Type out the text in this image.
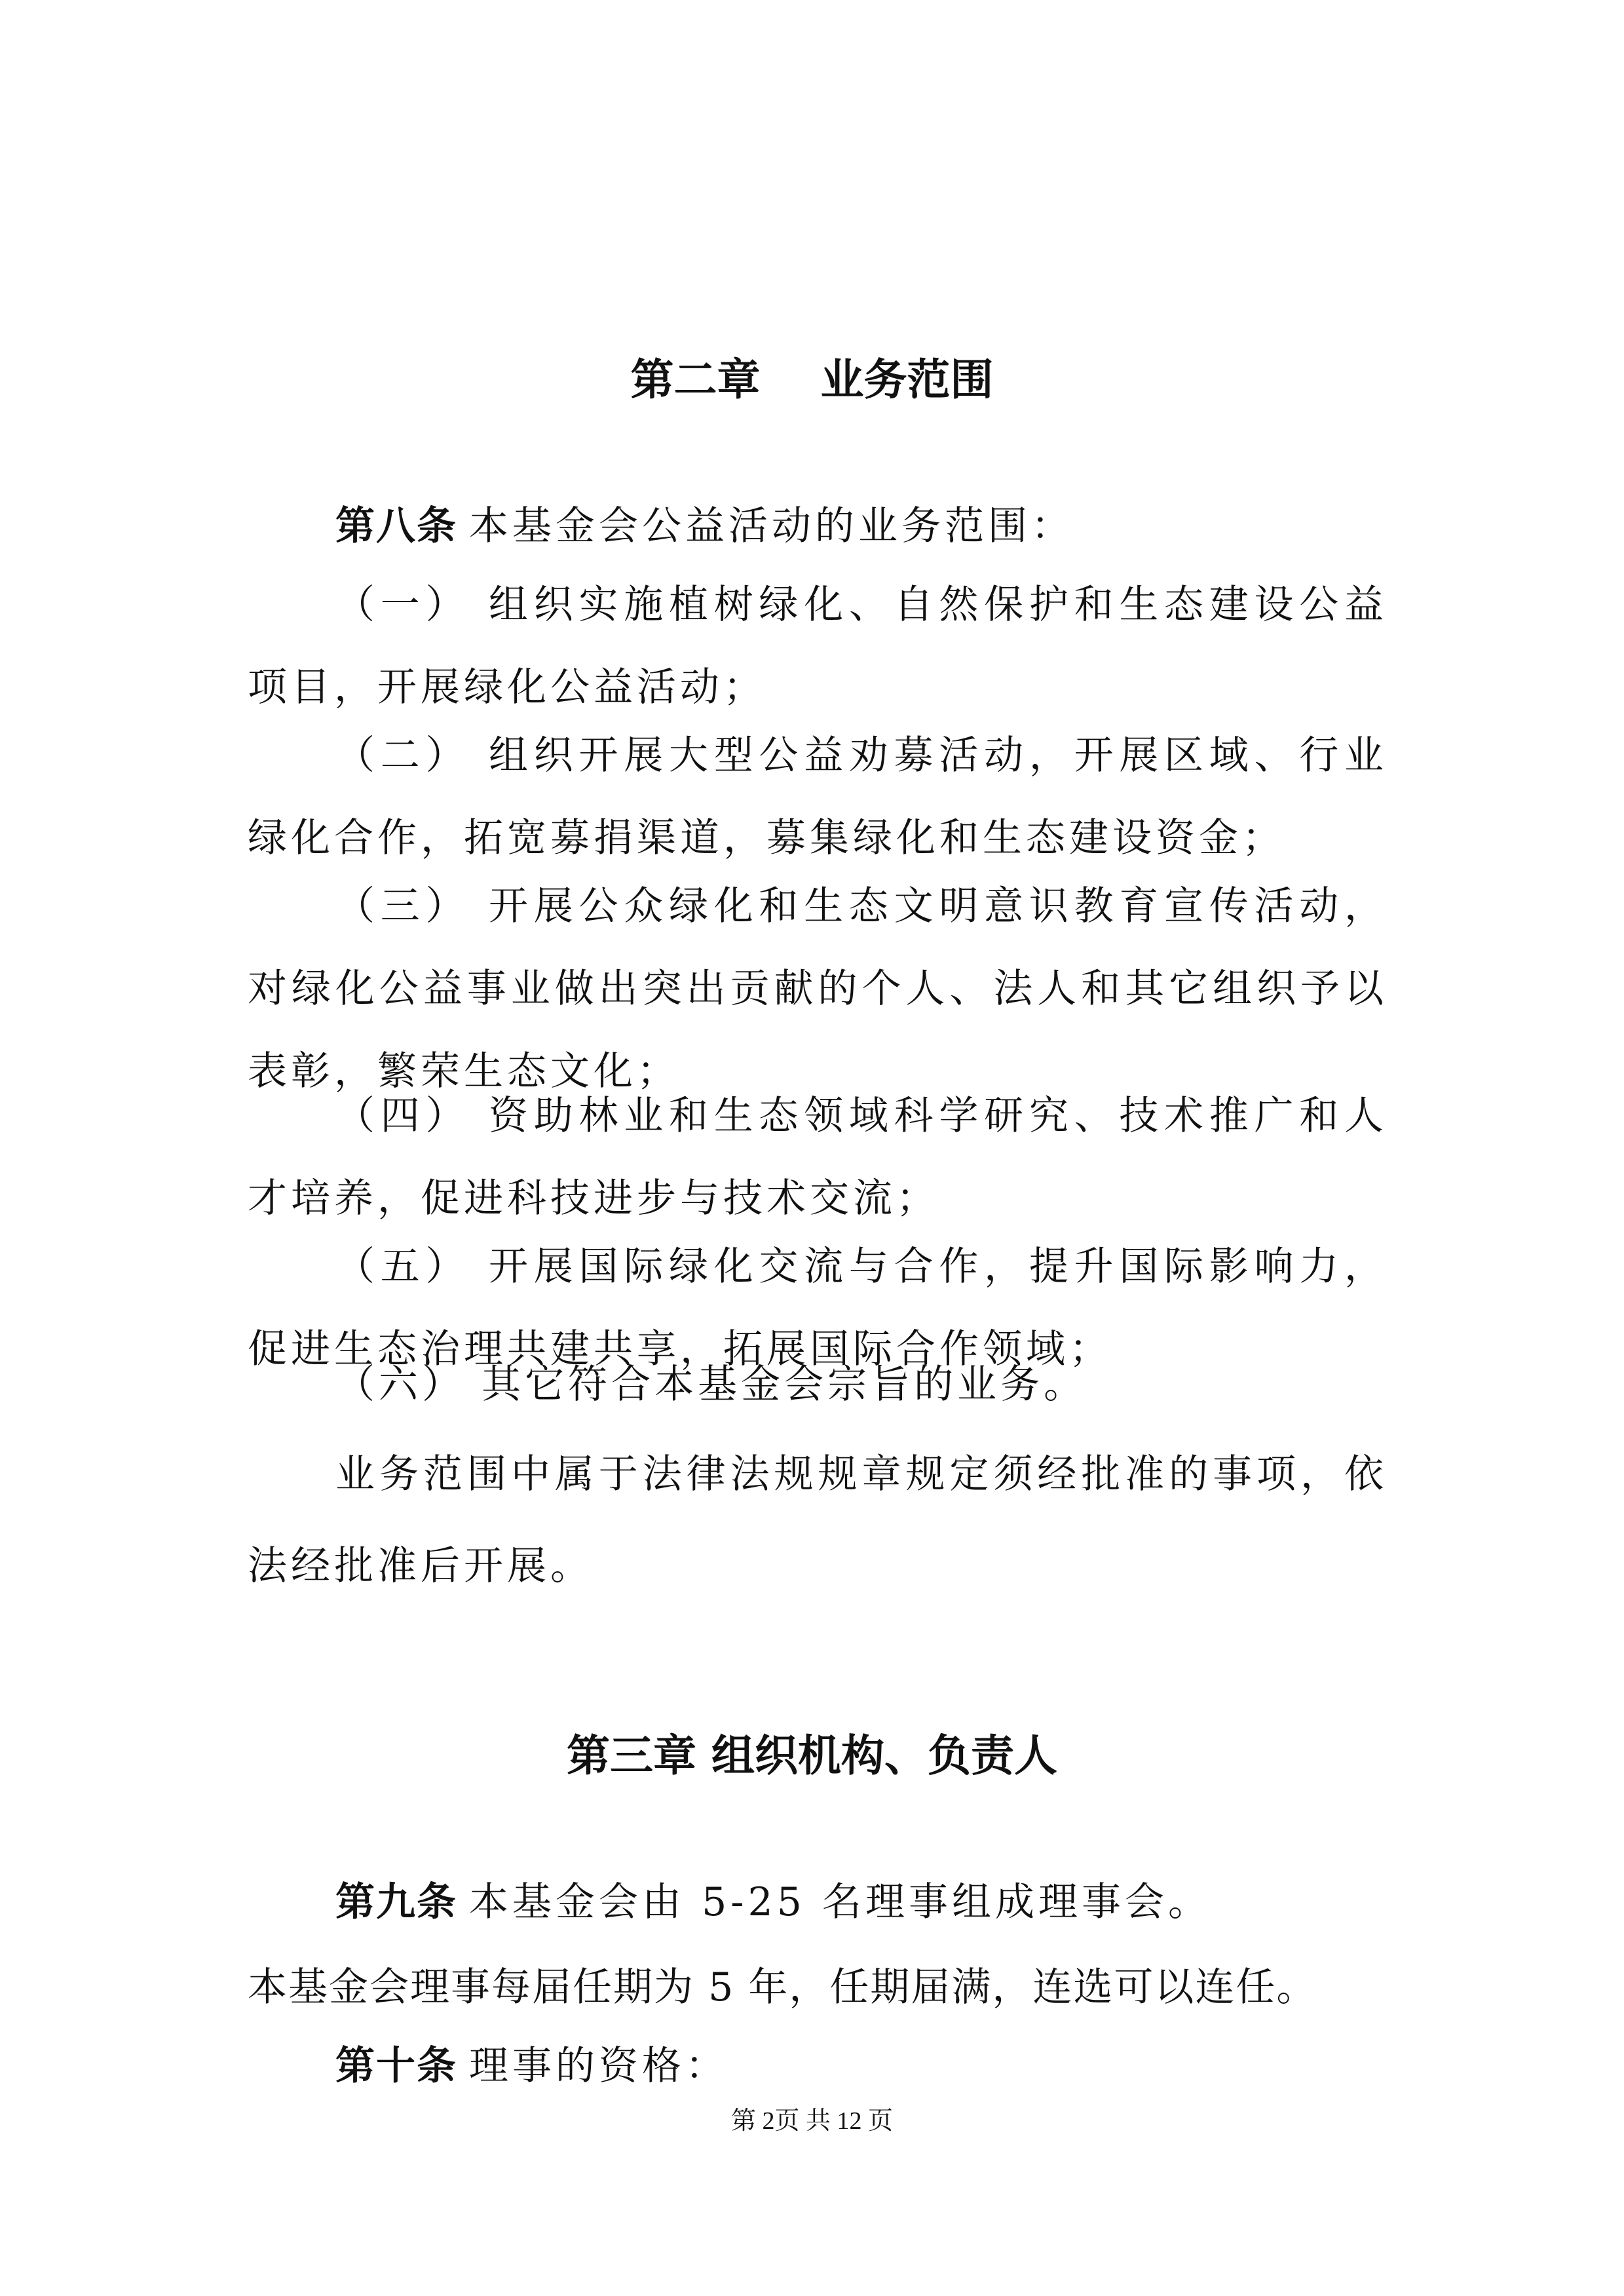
第二章    业务范围
第八条 本基金会公益活动的业务范围：
（一） 组织实施植树绿化、自然保护和生态建设公益项目，开展绿化公益活动；
（二） 组织开展大型公益劝募活动，开展区域、行业绿化合作，拓宽募捐渠道，募集绿化和生态建设资金；
（三） 开展公众绿化和生态文明意识教育宣传活动，对绿化公益事业做出突出贡献的个人、法人和其它组织予以表彰，繁荣生态文化；
（四） 资助林业和生态领域科学研究、技术推广和人才培养，促进科技进步与技术交流；
（五） 开展国际绿化交流与合作，提升国际影响力，促进生态治理共建共享，拓展国际合作领域；
（六） 其它符合本基金会宗旨的业务。
业务范围中属于法律法规规章规定须经批准的事项，依法经批准后开展。
第三章 组织机构、负责人
第九条 本基金会由 5-25 名理事组成理事会。
本基金会理事每届任期为 5 年，任期届满，连选可以连任。
第十条 理事的资格：
第 2页 共 12 页
